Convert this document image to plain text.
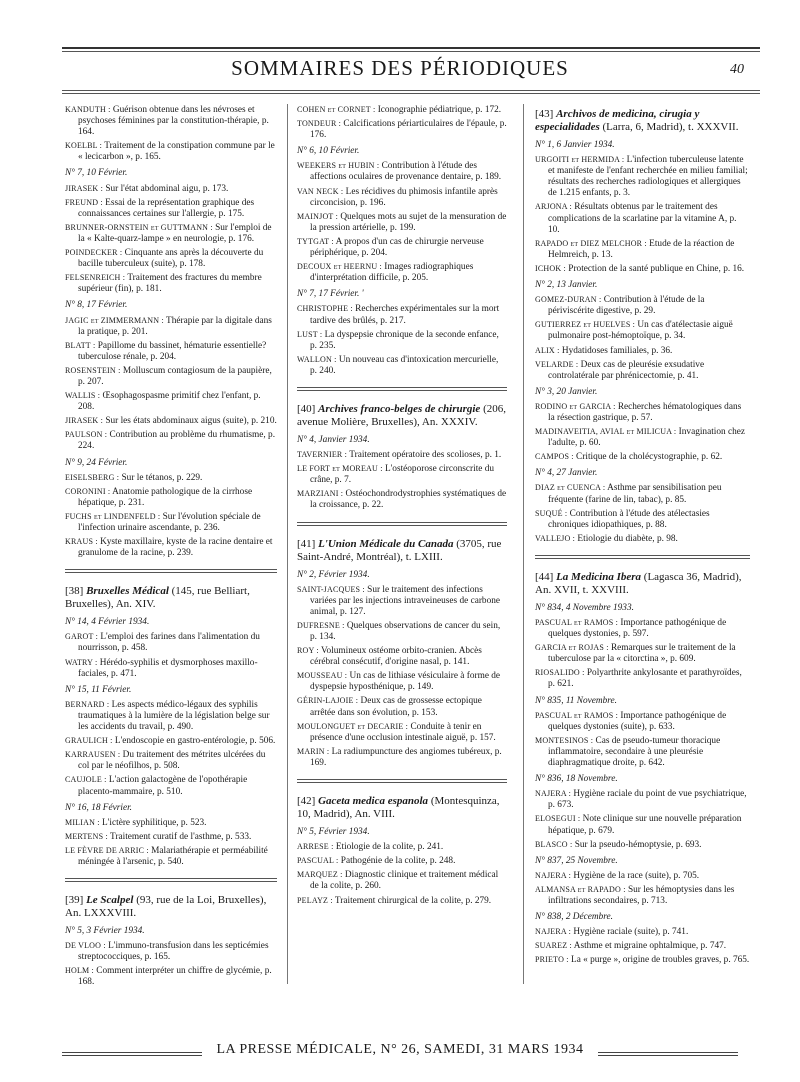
SOMMAIRES DES PÉRIODIQUES	40
KANDUTH : Guérison obtenue dans les névroses et psychoses féminines par la constitution-thérapie, p. 164.
KOELBL : Traitement de la constipation commune par le « lecicarbon », p. 165.
N° 7, 10 Février.
JIRASEK : Sur l'état abdominal aigu, p. 173.
FREUND : Essai de la représentation graphique des connaissances certaines sur l'allergie, p. 175.
BRUNNER-ORNSTEIN et GUTTMANN : Sur l'emploi de la « Kalte-quarz-lampe » en neurologie, p. 176.
POINDECKER : Cinquante ans après la découverte du bacille tuberculeux (suite), p. 178.
FELSENREICH : Traitement des fractures du membre supérieur (fin), p. 181.
N° 8, 17 Février.
JAGIC et ZIMMERMANN : Thérapie par la digitale dans la pratique, p. 201.
BLATT : Papillome du bassinet, hématurie essentielle? tuberculose rénale, p. 204.
ROSENSTEIN : Molluscum contagiosum de la paupière, p. 207.
WALLIS : Œsophagospasme primitif chez l'enfant, p. 208.
JIRASEK : Sur les états abdominaux aigus (suite), p. 210.
PAULSON : Contribution au problème du rhumatisme, p. 224.
N° 9, 24 Février.
EISELSBERG : Sur le tétanos, p. 229.
CORONINI : Anatomie pathologique de la cirrhose hépatique, p. 231.
FUCHS et LINDENFELD : Sur l'évolution spéciale de l'infection urinaire ascendante, p. 236.
KRAUS : Kyste maxillaire, kyste de la racine dentaire et granulome de la racine, p. 239.
[38] Bruxelles Médical (145, rue Belliart, Bruxelles), An. XIV.
N° 14, 4 Février 1934.
GAROT : L'emploi des farines dans l'alimentation du nourrisson, p. 458.
WATRY : Hérédo-syphilis et dysmorphoses maxillo-faciales, p. 471.
N° 15, 11 Février.
BERNARD : Les aspects médico-légaux des syphilis traumatiques à la lumière de la législation belge sur les accidents du travail, p. 490.
GRAULICH : L'endoscopie en gastro-entérologie, p. 506.
KARRAUSEN : Du traitement des métrites ulcérées du col par le néofilhos, p. 508.
CAUJOLE : L'action galactogène de l'opothérapie placento-mammaire, p. 510.
N° 16, 18 Février.
MILIAN : L'ictère syphilitique, p. 523.
MERTENS : Traitement curatif de l'asthme, p. 533.
LE FÈVRE DE ARRIC : Malariathérapie et perméabilité méningée à l'arsenic, p. 540.
[39] Le Scalpel (93, rue de la Loi, Bruxelles), An. LXXXVIII.
N° 5, 3 Février 1934.
DE VLOO : L'immuno-transfusion dans les septicémies streptococciques, p. 165.
HOLM : Comment interpréter un chiffre de glycémie, p. 168.
COHEN et CORNET : Iconographie pédiatrique, p. 172.
TONDEUR : Calcifications périarticulaires de l'épaule, p. 176.
N° 6, 10 Février.
WEEKERS et HUBIN : Contribution à l'étude des affections oculaires de provenance dentaire, p. 189.
VAN NECK : Les récidives du phimosis infantile après circoncision, p. 196.
MAINJOT : Quelques mots au sujet de la mensuration de la pression artérielle, p. 199.
TYTGAT : A propos d'un cas de chirurgie nerveuse périphérique, p. 204.
DECOUX et HEERNU : Images radiographiques d'interprétation difficile, p. 205.
N° 7, 17 Février. '
CHRISTOPHE : Recherches expérimentales sur la mort tardive des brûlés, p. 217.
LUST : La dyspepsie chronique de la seconde enfance, p. 235.
WALLON : Un nouveau cas d'intoxication mercurielle, p. 240.
[40] Archives franco-belges de chirurgie (206, avenue Molière, Bruxelles), An. XXXIV.
N° 4, Janvier 1934.
TAVERNIER : Traitement opératoire des scolioses, p. 1.
LE FORT et MOREAU : L'ostéoporose circonscrite du crâne, p. 7.
MARZIANI : Ostéochondrodystrophies systématiques de la croissance, p. 22.
[41] L'Union Médicale du Canada (3705, rue Saint-André, Montréal), t. LXIII.
N° 2, Février 1934.
SAINT-JACQUES : Sur le traitement des infections variées par les injections intraveineuses de carbone animal, p. 127.
DUFRESNE : Quelques observations de cancer du sein, p. 134.
ROY : Volumineux ostéome orbito-cranien. Abcès cérébral consécutif, d'origine nasal, p. 141.
MOUSSEAU : Un cas de lithiase vésiculaire à forme de dyspepsie hyposthénique, p. 149.
GÉRIN-LAJOIE : Deux cas de grossesse ectopique arrêtée dans son évolution, p. 153.
MOULONGUET et DECARIE : Conduite à tenir en présence d'une occlusion intestinale aiguë, p. 157.
MARIN : La radiumpuncture des angiomes tubéreux, p. 169.
[42] Gaceta medica espanola (Montesquinza, 10, Madrid), An. VIII.
N° 5, Février 1934.
ARRESE : Etiologie de la colite, p. 241.
PASCUAL : Pathogénie de la colite, p. 248.
MARQUEZ : Diagnostic clinique et traitement médical de la colite, p. 260.
PELAYZ : Traitement chirurgical de la colite, p. 279.
[43] Archivos de medicina, cirugia y especialidades (Larra, 6, Madrid), t. XXXVII.
N° 1, 6 Janvier 1934.
URGOITI et HERMIDA : L'infection tuberculeuse latente et manifeste de l'enfant recherchée en milieu familial; résultats des recherches radiologiques et allergiques de 1.215 enfants, p. 3.
ARJONA : Résultats obtenus par le traitement des complications de la scarlatine par la vitamine A, p. 10.
RAPADO et DIEZ MELCHOR : Etude de la réaction de Helmreich, p. 13.
ICHOK : Protection de la santé publique en Chine, p. 16.
N° 2, 13 Janvier.
GOMEZ-DURAN : Contribution à l'étude de la périviscérite digestive, p. 29.
GUTIERREZ et HUELVES : Un cas d'atélectasie aiguë pulmonaire post-hémoptoïque, p. 34.
ALIX : Hydatidoses familiales, p. 36.
VELARDE : Deux cas de pleurésie exsudative controlatérale par phrénicectomie, p. 41.
N° 3, 20 Janvier.
RODINO et GARCIA : Recherches hématologiques dans la résection gastrique, p. 57.
MADINAVEITIA, AVIAL et MILICUA : Invagination chez l'adulte, p. 60.
CAMPOS : Critique de la cholécystographie, p. 62.
N° 4, 27 Janvier.
DIAZ et CUENCA : Asthme par sensibilisation peu fréquente (farine de lin, tabac), p. 85.
SUQUÉ : Contribution à l'étude des atélectasies chroniques idiopathiques, p. 88.
VALLEJO : Etiologie du diabète, p. 98.
[44] La Medicina Ibera (Lagasca 36, Madrid), An. XVII, t. XXVIII.
N° 834, 4 Novembre 1933.
PASCUAL et RAMOS : Importance pathogénique de quelques dystonies, p. 597.
GARCIA et ROJAS : Remarques sur le traitement de la tuberculose par la « citorctina », p. 609.
RIOSALIDO : Polyarthrite ankylosante et parathyroïdes, p. 621.
N° 835, 11 Novembre.
PASCUAL et RAMOS : Importance pathogénique de quelques dystonies (suite), p. 633.
MONTESINOS : Cas de pseudo-tumeur thoracique inflammatoire, secondaire à une pleurésie diaphragmatique droite, p. 642.
N° 836, 18 Novembre.
NAJERA : Hygiène raciale du point de vue psychiatrique, p. 673.
ELOSEGUI : Note clinique sur une nouvelle préparation hépatique, p. 679.
BLASCO : Sur la pseudo-hémoptysie, p. 693.
N° 837, 25 Novembre.
NAJERA : Hygiène de la race (suite), p. 705.
ALMANSA et RAPADO : Sur les hémoptysies dans les infiltrations secondaires, p. 713.
N° 838, 2 Décembre.
NAJERA : Hygiène raciale (suite), p. 741.
SUAREZ : Asthme et migraine ophtalmique, p. 747.
PRIETO : La « purge », origine de troubles graves, p. 765.
LA PRESSE MÉDICALE, N° 26, SAMEDI, 31 MARS 1934
